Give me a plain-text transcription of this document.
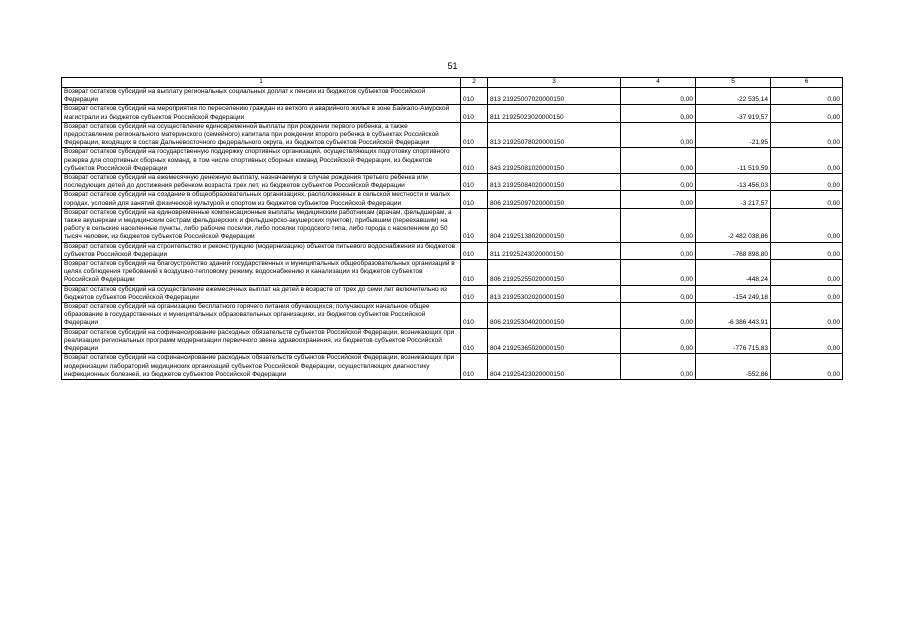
51
1	2	3	4	5	6
Возврат остатков субсидий на выплату региональных социальных доплат к пенсии из бюджетов субъектов Российской Федерации	010	813 21925007020000150	0,00	-22 535,14	0,00
Возврат остатков субсидий на мероприятия по переселению граждан из ветхого и аварийного жилья в зоне Байкало-Амурской магистрали из бюджетов субъектов Российской Федерации	010	811 21925023020000150	0,00	-37 919,57	0,00
Возврат остатков субсидий на осуществление единовременной выплаты при рождении первого ребенка, а также предоставление регионального материнского (семейного) капитала при рождении второго ребенка в субъектах Российской Федерации, входящих в состав Дальневосточного федерального округа, из бюджетов субъектов Российской Федерации	010	813 21925078020000150	0,00	-21,95	0,00
Возврат остатков субсидий на государственную поддержку спортивных организаций, осуществляющих подготовку спортивного резерва для спортивных сборных команд, в том числе спортивных сборных команд Российской Федерации, из бюджетов субъектов Российской Федерации	010	843 21925081020000150	0,00	-11 519,59	0,00
Возврат остатков субсидий на ежемесячную денежную выплату, назначаемую в случае рождения третьего ребенка или последующих детей до достижения ребенком возраста трех лет, из бюджетов субъектов Российской Федерации	010	813 21925084020000150	0,00	-13 456,03	0,00
Возврат остатков субсидий на создание в общеобразовательных организациях, расположенных в сельской местности и малых городах, условий для занятий физической культурой и спортом из бюджетов субъектов Российской Федерации	010	806 21925097020000150	0,00	-3 217,57	0,00
Возврат остатков субсидий на единовременные компенсационные выплаты медицинским работникам (врачам, фельдшерам, а также акушеркам и медицинским сестрам фельдшерских и фельдшерско-акушерских пунктов), прибывшим (переехавшим) на работу в сельские населенные пункты, либо рабочие поселки, либо поселки городского типа, либо города с населением до 50 тысяч человек, из бюджетов субъектов Российской Федерации	010	804 21925138020000150	0,00	-2 482 038,86	0,00
Возврат остатков субсидий на строительство и реконструкцию (модернизацию) объектов питьевого водоснабжения из бюджетов субъектов Российской Федерации	010	811 21925243020000150	0,00	-768 898,80	0,00
Возврат остатков субсидий на благоустройство зданий государственных и муниципальных общеобразовательных организаций в целях соблюдения требований к воздушно-тепловому режиму, водоснабжению и канализации из бюджетов субъектов Российской Федерации	010	806 21925255020000150	0,00	-448,24	0,00
Возврат остатков субсидий на осуществление ежемесячных выплат на детей в возрасте от трех до семи лет включительно из бюджетов субъектов Российской Федерации	010	813 21925302020000150	0,00	-154 249,18	0,00
Возврат остатков субсидий на организацию бесплатного горячего питания обучающихся, получающих начальное общее образование в государственных и муниципальных образовательных организациях, из бюджетов субъектов Российской Федерации	010	806 21925304020000150	0,00	-6 386 443,91	0,00
Возврат остатков субсидий на софинансирование расходных обязательств субъектов Российской Федерации, возникающих при реализации региональных программ модернизации первичного звена здравоохранения, из бюджетов субъектов Российской Федерации	010	804 21925365020000150	0,00	-776 715,83	0,00
Возврат остатков субсидий на софинансирование расходных обязательств субъектов Российской Федерации, возникающих при модернизации лабораторий медицинских организаций субъектов Российской Федерации, осуществляющих диагностику инфекционных болезней, из бюджетов субъектов Российской Федерации	010	804 21925423020000150	0,00	-552,86	0,00
